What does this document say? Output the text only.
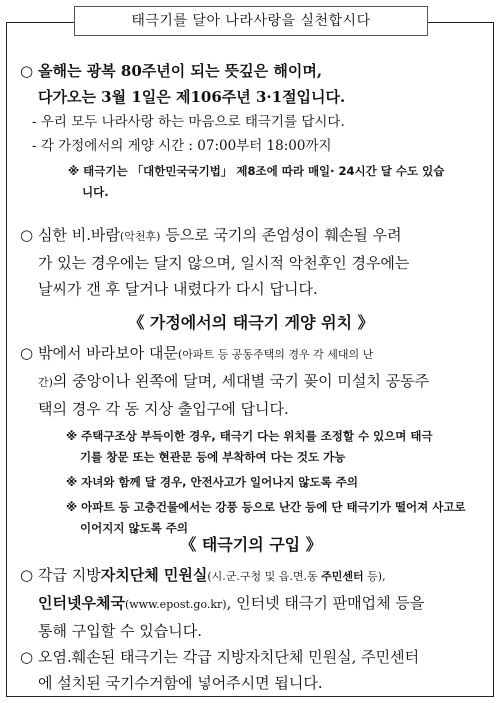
태극기를 달아 나라사랑을 실천합시다
○ 올해는 광복 80주년이 되는 뜻깊은 해이며,
다가오는 3월 1일은 제106주년 3·1절입니다.
- 우리 모두 나라사랑 하는 마음으로 태극기를 답시다.
- 각 가정에서의 게양 시간 : 07:00부터 18:00까지
※ 태극기는 「대한민국국기법」 제8조에 따라 매일· 24시간 달 수도 있습
니다.
○ 심한 비.바람(악천후) 등으로 국기의 존엄성이 훼손될 우려
가 있는 경우에는 달지 않으며, 일시적 악천후인 경우에는
날씨가 갠 후 달거나 내렸다가 다시 답니다.
《 가정에서의 태극기 게양 위치 》
○ 밖에서 바라보아 대문(아파트 등 공동주택의 경우 각 세대의 난
간)의 중앙이나 왼쪽에 달며, 세대별 국기 꽂이 미설치 공동주
택의 경우 각 동 지상 출입구에 답니다.
※ 주택구조상 부득이한 경우, 태극기 다는 위치를 조정할 수 있으며 태극
기를 창문 또는 현관문 등에 부착하여 다는 것도 가능
※ 자녀와 함께 달 경우, 안전사고가 일어나지 않도록 주의
※ 아파트 등 고층건물에서는 강풍 등으로 난간 등에 단 태극기가 떨어져 사고로
이어지지 않도록 주의
《 태극기의 구입 》
○ 각급 지방자치단체 민원실(시.군.구청 및 읍.면.동 주민센터 등),
인터넷우체국(www.epost.go.kr), 인터넷 태극기 판매업체 등을
통해 구입할 수 있습니다.
○ 오염.훼손된 태극기는 각급 지방자치단체 민원실, 주민센터
에 설치된 국기수거함에 넣어주시면 됩니다.
